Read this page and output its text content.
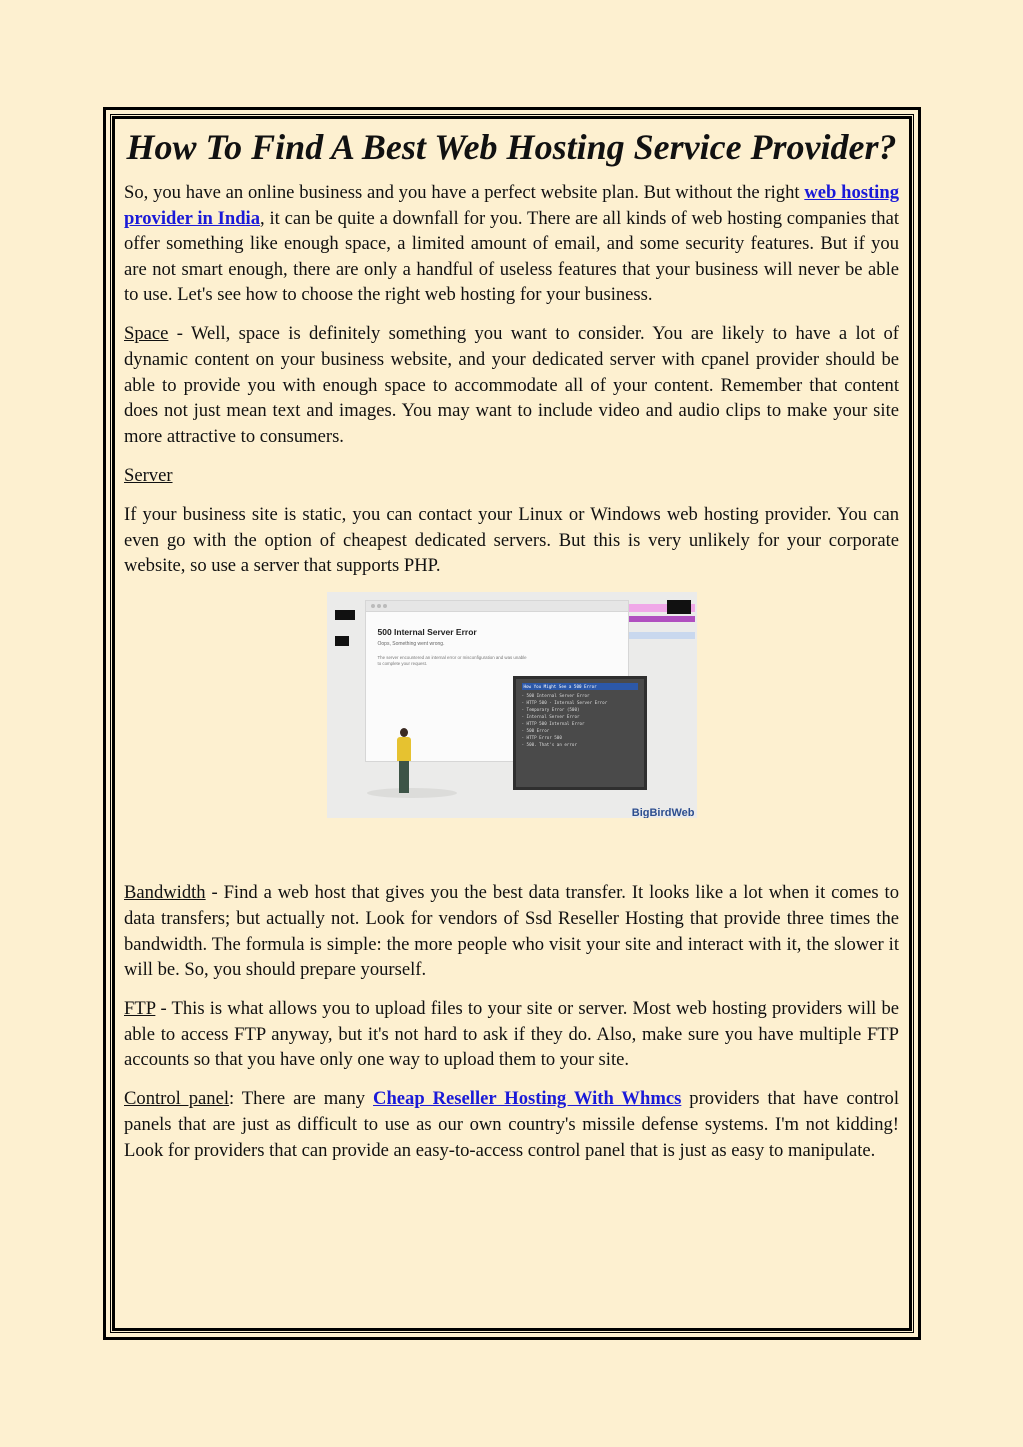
How To Find A Best Web Hosting Service Provider?

So, you have an online business and you have a perfect website plan. But without the right web hosting provider in India, it can be quite a downfall for you. There are all kinds of web hosting companies that offer something like enough space, a limited amount of email, and some security features. But if you are not smart enough, there are only a handful of useless features that your business will never be able to use. Let's see how to choose the right web hosting for your business.

Space - Well, space is definitely something you want to consider. You are likely to have a lot of dynamic content on your business website, and your dedicated server with cpanel provider should be able to provide you with enough space to accommodate all of your content. Remember that content does not just mean text and images. You may want to include video and audio clips to make your site more attractive to consumers.

Server

If your business site is static, you can contact your Linux or Windows web hosting provider. You can even go with the option of cheapest dedicated servers. But this is very unlikely for your corporate website, so use a server that supports PHP.

500 Internal Server Error
Oops, Something went wrong.
The server encountered an internal error or misconfiguration and was unable to complete your request.
How You Might See a 500 Error
- 500 Internal Server Error
- HTTP 500 - Internal Server Error
- Temporary Error (500)
- Internal Server Error
- HTTP 500 Internal Error
- 500 Error
- HTTP Error 500
- 500. That's an error
BigBirdWeb

Bandwidth - Find a web host that gives you the best data transfer. It looks like a lot when it comes to data transfers; but actually not. Look for vendors of Ssd Reseller Hosting that provide three times the bandwidth. The formula is simple: the more people who visit your site and interact with it, the slower it will be. So, you should prepare yourself.

FTP - This is what allows you to upload files to your site or server. Most web hosting providers will be able to access FTP anyway, but it's not hard to ask if they do. Also, make sure you have multiple FTP accounts so that you have only one way to upload them to your site.

Control panel: There are many Cheap Reseller Hosting With Whmcs providers that have control panels that are just as difficult to use as our own country's missile defense systems. I'm not kidding! Look for providers that can provide an easy-to-access control panel that is just as easy to manipulate.
